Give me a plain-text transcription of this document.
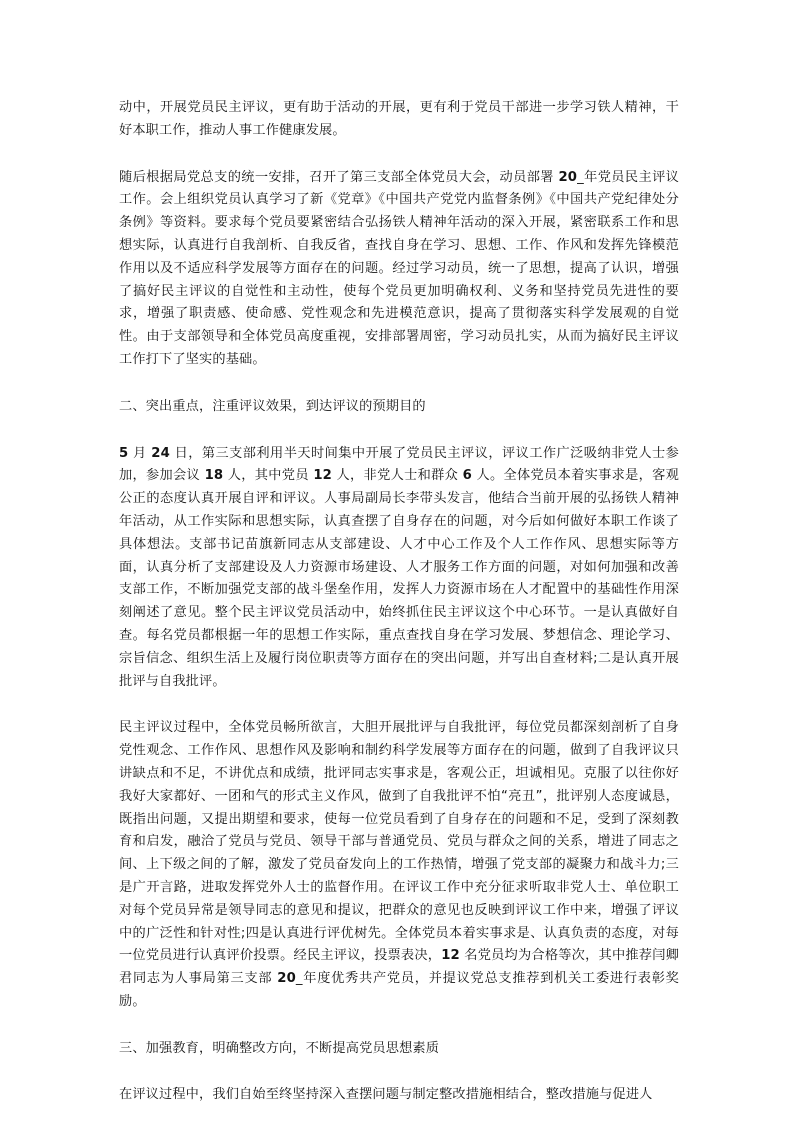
动中，开展党员民主评议，更有助于活动的开展，更有利于党员干部进一步学习铁人精神，干好本职工作，推动人事工作健康发展。

随后根据局党总支的统一安排，召开了第三支部全体党员大会，动员部署 20_年党员民主评议工作。会上组织党员认真学习了新《党章》《中国共产党党内监督条例》《中国共产党纪律处分条例》等资料。要求每个党员要紧密结合弘扬铁人精神年活动的深入开展，紧密联系工作和思想实际，认真进行自我剖析、自我反省，查找自身在学习、思想、工作、作风和发挥先锋模范作用以及不适应科学发展等方面存在的问题。经过学习动员，统一了思想，提高了认识，增强了搞好民主评议的自觉性和主动性，使每个党员更加明确权利、义务和坚持党员先进性的要求，增强了职责感、使命感、党性观念和先进模范意识，提高了贯彻落实科学发展观的自觉性。由于支部领导和全体党员高度重视，安排部署周密，学习动员扎实，从而为搞好民主评议工作打下了坚实的基础。

二、突出重点，注重评议效果，到达评议的预期目的

5 月 24 日，第三支部利用半天时间集中开展了党员民主评议，评议工作广泛吸纳非党人士参加，参加会议 18 人，其中党员 12 人，非党人士和群众 6 人。全体党员本着实事求是，客观公正的态度认真开展自评和评议。人事局副局长李带头发言，他结合当前开展的弘扬铁人精神年活动，从工作实际和思想实际，认真查摆了自身存在的问题，对今后如何做好本职工作谈了具体想法。支部书记苗旗新同志从支部建设、人才中心工作及个人工作作风、思想实际等方面，认真分析了支部建设及人力资源市场建设、人才服务工作方面的问题，对如何加强和改善支部工作，不断加强党支部的战斗堡垒作用，发挥人力资源市场在人才配置中的基础性作用深刻阐述了意见。整个民主评议党员活动中，始终抓住民主评议这个中心环节。一是认真做好自查。每名党员都根据一年的思想工作实际，重点查找自身在学习发展、梦想信念、理论学习、宗旨信念、组织生活上及履行岗位职责等方面存在的突出问题，并写出自查材料;二是认真开展批评与自我批评。

民主评议过程中，全体党员畅所欲言，大胆开展批评与自我批评，每位党员都深刻剖析了自身党性观念、工作作风、思想作风及影响和制约科学发展等方面存在的问题，做到了自我评议只讲缺点和不足，不讲优点和成绩，批评同志实事求是，客观公正，坦诚相见。克服了以往你好我好大家都好、一团和气的形式主义作风，做到了自我批评不怕“亮丑”，批评别人态度诚恳，既指出问题，又提出期望和要求，使每一位党员看到了自身存在的问题和不足，受到了深刻教育和启发，融洽了党员与党员、领导干部与普通党员、党员与群众之间的关系，增进了同志之间、上下级之间的了解，激发了党员奋发向上的工作热情，增强了党支部的凝聚力和战斗力;三是广开言路，进取发挥党外人士的监督作用。在评议工作中充分征求听取非党人士、单位职工对每个党员异常是领导同志的意见和提议，把群众的意见也反映到评议工作中来，增强了评议中的广泛性和针对性;四是认真进行评优树先。全体党员本着实事求是、认真负责的态度，对每一位党员进行认真评价投票。经民主评议，投票表决，12 名党员均为合格等次，其中推荐闫卿君同志为人事局第三支部 20_年度优秀共产党员，并提议党总支推荐到机关工委进行表彰奖励。

三、加强教育，明确整改方向，不断提高党员思想素质

在评议过程中，我们自始至终坚持深入查摆问题与制定整改措施相结合，整改措施与促进人
